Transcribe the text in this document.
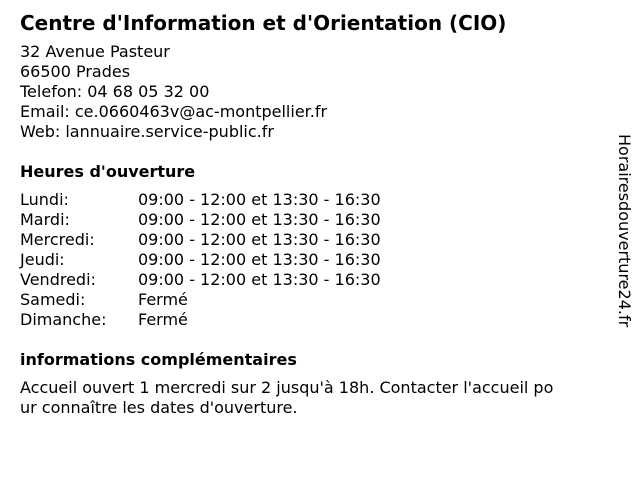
Centre d'Information et d'Orientation (CIO)
32 Avenue Pasteur
66500 Prades
Telefon: 04 68 05 32 00
Email: ce.0660463v@ac-montpellier.fr
Web: lannuaire.service-public.fr
Heures d'ouverture
Lundi:	09:00 - 12:00 et 13:30 - 16:30
Mardi:	09:00 - 12:00 et 13:30 - 16:30
Mercredi:	09:00 - 12:00 et 13:30 - 16:30
Jeudi:	09:00 - 12:00 et 13:30 - 16:30
Vendredi:	09:00 - 12:00 et 13:30 - 16:30
Samedi:	Fermé
Dimanche:	Fermé
informations complémentaires
Accueil ouvert 1 mercredi sur 2 jusqu'à 18h. Contacter l'accueil pour connaître les dates d'ouverture.
Horairesdouverture24.fr
